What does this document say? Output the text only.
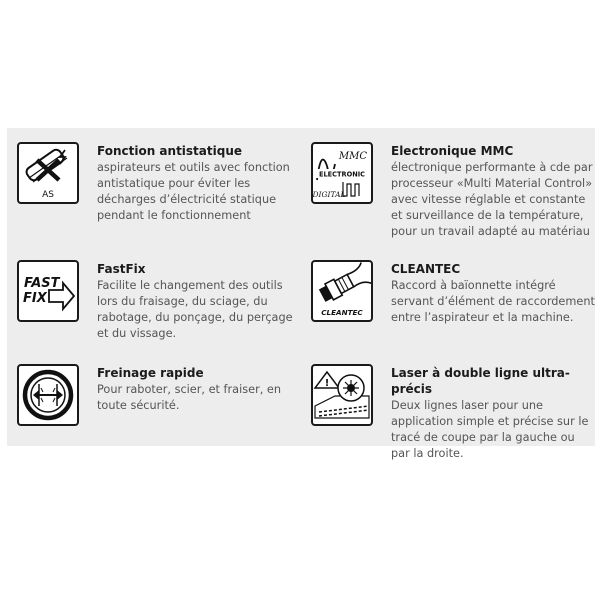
AS

Fonction antistatique

aspirateurs et outils avec fonction antistatique pour éviter les décharges d’électricité statique pendant le fonctionnement

MMC
ELECTRONIC
DIGITAL

Electronique MMC

électronique performante à cde par processeur «Multi Material Control» avec vitesse réglable et constante et surveillance de la température, pour un travail adapté au matériau

FAST
FIX

FastFix

Facilite le changement des outils lors du fraisage, du sciage, du rabotage, du ponçage, du perçage et du vissage.

CLEANTEC

CLEANTEC

Raccord à baïonnette intégré servant d’élément de raccordement entre l’aspirateur et la machine.

Freinage rapide

Pour raboter, scier, et fraiser, en toute sécurité.

!

Laser à double ligne ultra-précis

Deux lignes laser pour une application simple et précise sur le tracé de coupe par la gauche ou par la droite.
